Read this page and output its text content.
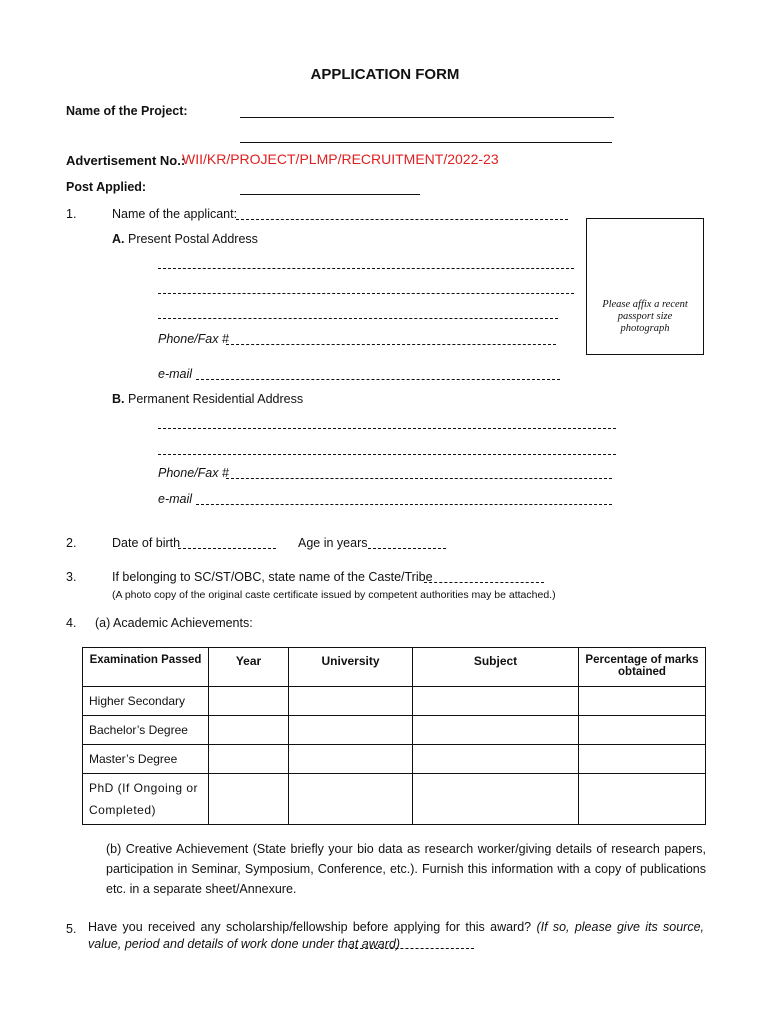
APPLICATION FORM
Name of the Project:
Advertisement No.:
WII/KR/PROJECT/PLMP/RECRUITMENT/2022-23
Post Applied:
1.	Name of the applicant:
A. Present Postal Address
Phone/Fax #
e-mail
Please affix a recent passport size photograph
B. Permanent Residential Address
Phone/Fax #
e-mail
2.	Date of birth	Age in years
3.	If belonging to SC/ST/OBC, state name of the Caste/Tribe
(A photo copy of the original caste certificate issued by competent authorities may be attached.)
4. (a) Academic Achievements:
Examination Passed	Year	University	Subject	Percentage of marks obtained
Higher Secondary				
Bachelor’s Degree				
Master’s Degree				
PhD (If Ongoing or Completed)				
(b) Creative Achievement (State briefly your bio data as research worker/giving details of research papers, participation in Seminar, Symposium, Conference, etc.). Furnish this information with a copy of publications etc. in a separate sheet/Annexure.
5. Have you received any scholarship/fellowship before applying for this award? (If so, please give its source, value, period and details of work done under that award)
